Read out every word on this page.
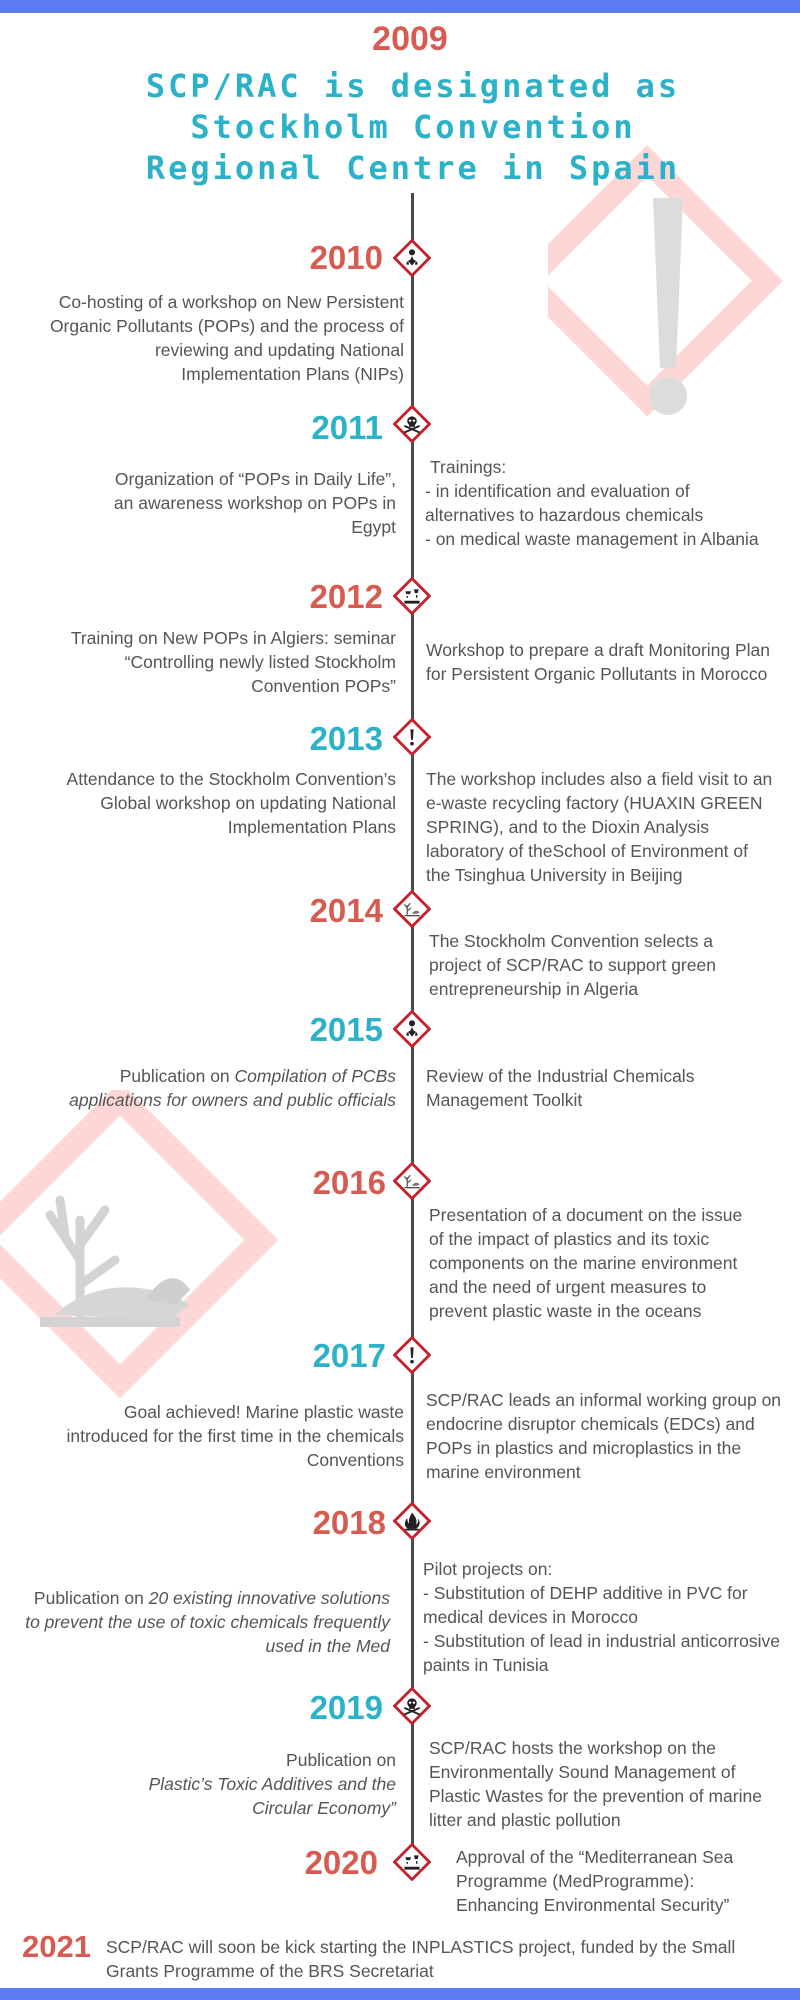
2009
SCP/RAC is designated as
Stockholm Convention
Regional Centre in Spain
2010
Co-hosting of a workshop on New Persistent
Organic Pollutants (POPs) and the process of
reviewing and updating National
Implementation Plans (NIPs)
2011
Organization of “POPs in Daily Life”,
an awareness workshop on POPs in
Egypt
Trainings:
- in identification and evaluation of
alternatives to hazardous chemicals
- on medical waste management in Albania
2012
Training on New POPs in Algiers: seminar
“Controlling newly listed Stockholm
Convention POPs”
Workshop to prepare a draft Monitoring Plan
for Persistent Organic Pollutants in Morocco
2013
Attendance to the Stockholm Convention’s
Global workshop on updating National
Implementation Plans
The workshop includes also a field visit to an
e-waste recycling factory (HUAXIN GREEN
SPRING), and to the Dioxin Analysis
laboratory of theSchool of Environment of
the Tsinghua University in Beijing
2014
The Stockholm Convention selects a
project of SCP/RAC to support green
entrepreneurship in Algeria
2015
Publication on Compilation of PCBs
applications for owners and public officials
Review of the Industrial Chemicals
Management Toolkit
2016
Presentation of a document on the issue
of the impact of plastics and its toxic
components on the marine environment
and the need of urgent measures to
prevent plastic waste in the oceans
2017
Goal achieved! Marine plastic waste
introduced for the first time in the chemicals
Conventions
SCP/RAC leads an informal working group on
endocrine disruptor chemicals (EDCs) and
POPs in plastics and microplastics in the
marine environment
2018
Publication on 20 existing innovative solutions
to prevent the use of toxic chemicals frequently
used in the Med
Pilot projects on:
- Substitution of DEHP additive in PVC for
medical devices in Morocco
- Substitution of lead in industrial anticorrosive
paints in Tunisia
2019
Publication on
Plastic’s Toxic Additives and the
Circular Economy”
SCP/RAC hosts the workshop on the
Environmentally Sound Management of
Plastic Wastes for the prevention of marine
litter and plastic pollution
2020	Approval of the “Mediterranean Sea
Programme (MedProgramme):
Enhancing Environmental Security”
2021 SCP/RAC will soon be kick starting the INPLASTICS project, funded by the Small
Grants Programme of the BRS Secretariat
